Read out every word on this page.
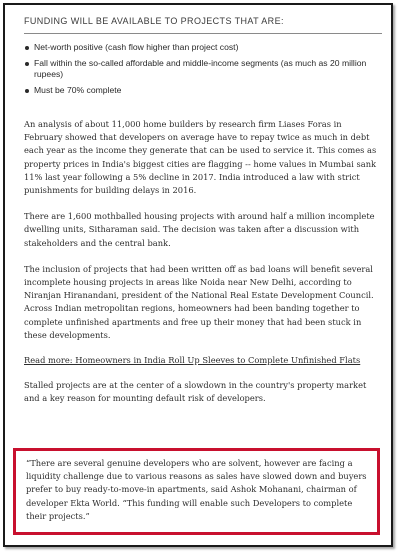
FUNDING WILL BE AVAILABLE TO PROJECTS THAT ARE:
Net-worth positive (cash flow higher than project cost)
Fall within the so-called affordable and middle-income segments (as much as 20 million rupees)
Must be 70% complete

An analysis of about 11,000 home builders by research firm Liases Foras in February showed that developers on average have to repay twice as much in debt each year as the income they generate that can be used to service it. This comes as property prices in India's biggest cities are flagging -- home values in Mumbai sank 11% last year following a 5% decline in 2017. India introduced a law with strict punishments for building delays in 2016.

There are 1,600 mothballed housing projects with around half a million incomplete dwelling units, Sitharaman said. The decision was taken after a discussion with stakeholders and the central bank.

The inclusion of projects that had been written off as bad loans will benefit several incomplete housing projects in areas like Noida near New Delhi, according to Niranjan Hiranandani, president of the National Real Estate Development Council. Across Indian metropolitan regions, homeowners had been banding together to complete unfinished apartments and free up their money that had been stuck in these developments.

Read more: Homeowners in India Roll Up Sleeves to Complete Unfinished Flats

Stalled projects are at the center of a slowdown in the country's property market and a key reason for mounting default risk of developers.

“There are several genuine developers who are solvent, however are facing a liquidity challenge due to various reasons as sales have slowed down and buyers prefer to buy ready-to-move-in apartments, said Ashok Mohanani, chairman of developer Ekta World. “This funding will enable such Developers to complete their projects.”
